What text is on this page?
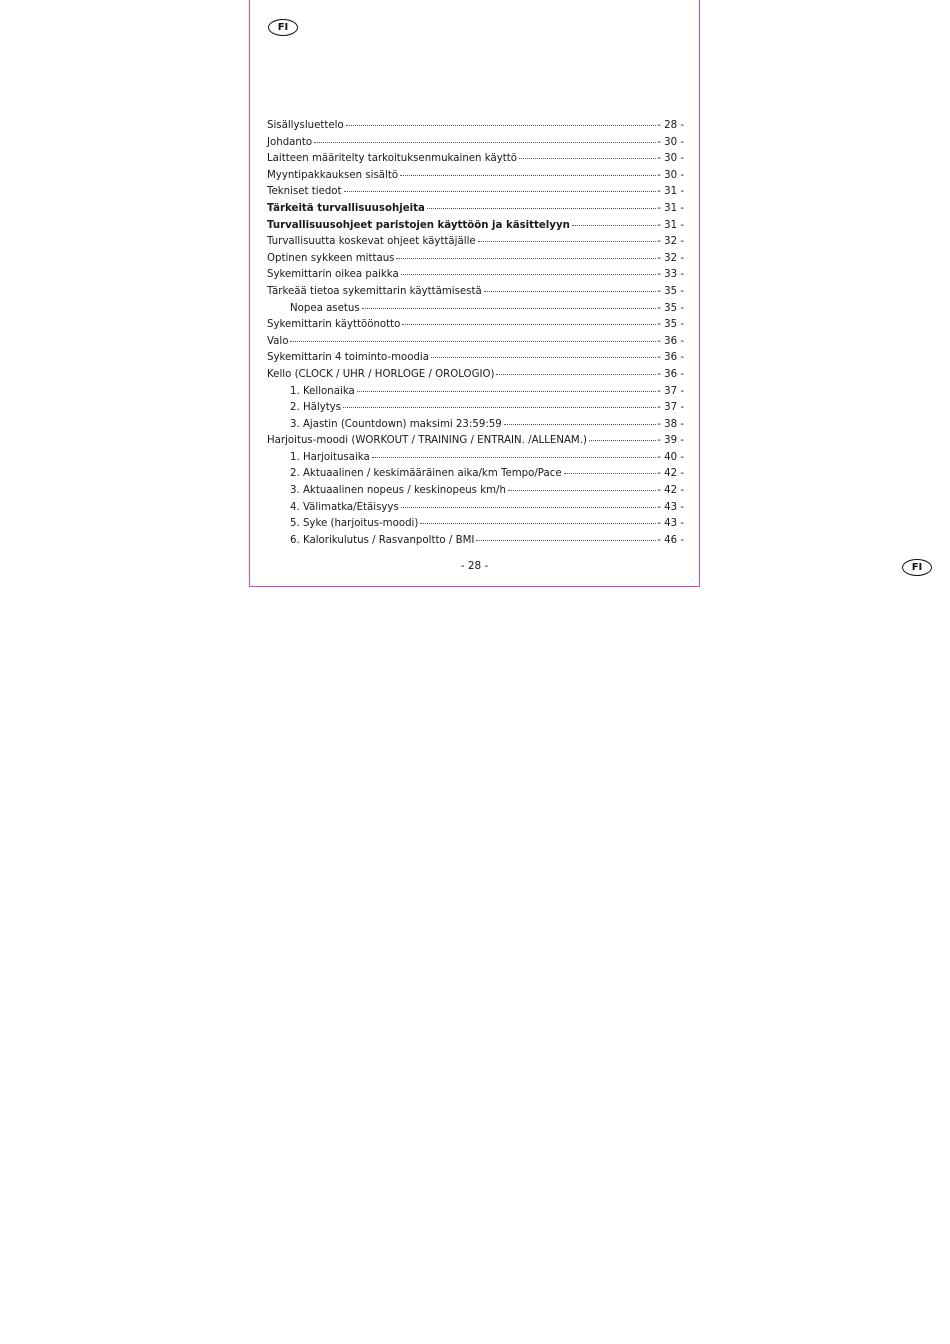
FI
Sisällysluettelo	- 28 -
Johdanto	- 30 -
Laitteen määritelty tarkoituksenmukainen käyttö	- 30 -
Myyntipakkauksen sisältö	- 30 -
Tekniset tiedot	- 31 -
Tärkeitä turvallisuusohjeita	- 31 -
Turvallisuusohjeet paristojen käyttöön ja käsittelyyn	- 31 -
Turvallisuutta koskevat ohjeet käyttäjälle	- 32 -
Optinen sykkeen mittaus	- 32 -
Sykemittarin oikea paikka	- 33 -
Tärkeää tietoa sykemittarin käyttämisestä	- 35 -
Nopea asetus	- 35 -
Sykemittarin käyttöönotto	- 35 -
Valo	- 36 -
Sykemittarin 4 toiminto-moodia	- 36 -
Kello (CLOCK / UHR / HORLOGE / OROLOGIO)	- 36 -
1. Kellonaika	- 37 -
2. Hälytys	- 37 -
3. Ajastin (Countdown) maksimi 23:59:59	- 38 -
Harjoitus-moodi (WORKOUT / TRAINING / ENTRAIN. /ALLENAM.)	- 39 -
1. Harjoitusaika	- 40 -
2. Aktuaalinen / keskimääräinen aika/km Tempo/Pace	- 42 -
3. Aktuaalinen nopeus / keskinopeus km/h	- 42 -
4. Välimatka/Etäisyys	- 43 -
5. Syke (harjoitus-moodi)	- 43 -
6. Kalorikulutus / Rasvanpoltto / BMI	- 46 -
- 28 -	FI
